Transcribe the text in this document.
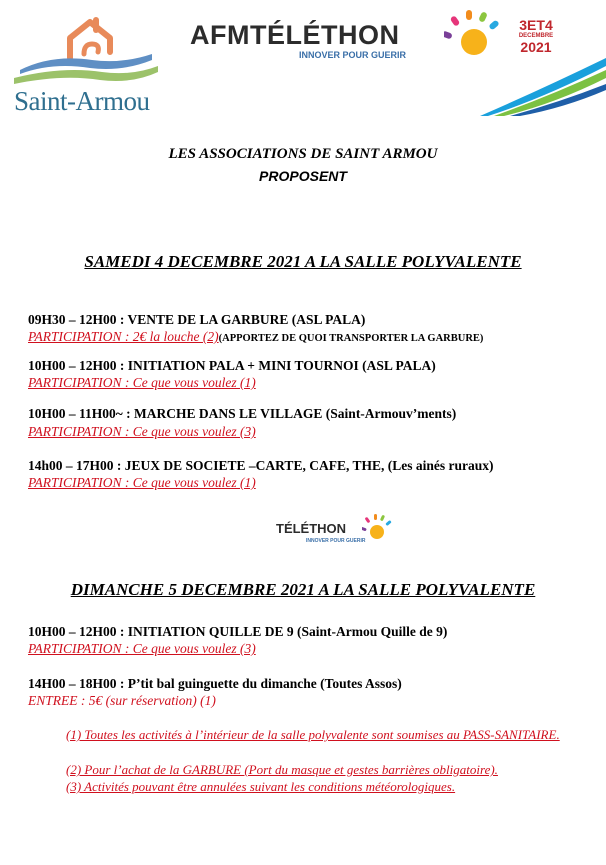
Saint-Armou
AFMTÉLÉTHON
INNOVER POUR GUERIR
3ET4
DECEMBRE
2021
LES ASSOCIATIONS DE SAINT ARMOU
PROPOSENT
SAMEDI 4 DECEMBRE 2021 A LA SALLE POLYVALENTE
09H30 – 12H00 : VENTE DE LA GARBURE (ASL PALA)
PARTICIPATION : 2€ la louche (2)(APPORTEZ DE QUOI TRANSPORTER LA GARBURE)
10H00 – 12H00 : INITIATION PALA + MINI TOURNOI (ASL PALA)
PARTICIPATION : Ce que vous voulez (1)
10H00 – 11H00~ : MARCHE DANS LE VILLAGE (Saint-Armouv’ments)
PARTICIPATION : Ce que vous voulez (3)
14h00 – 17H00 : JEUX DE SOCIETE –CARTE, CAFE, THE, (Les ainés ruraux)
PARTICIPATION : Ce que vous voulez (1)
TÉLÉTHON
INNOVER POUR GUERIR
DIMANCHE 5 DECEMBRE 2021 A LA SALLE POLYVALENTE
10H00 – 12H00 : INITIATION QUILLE DE 9 (Saint-Armou Quille de 9)
PARTICIPATION : Ce que vous voulez (3)
14H00 – 18H00 : P’tit bal guinguette du dimanche (Toutes Assos)
ENTREE : 5€ (sur réservation) (1)
(1) Toutes les activités à l’intérieur de la salle polyvalente sont soumises au PASS-SANITAIRE.
(2) Pour l’achat de la GARBURE (Port du masque et gestes barrières obligatoire).
(3) Activités pouvant être annulées suivant les conditions météorologiques.
